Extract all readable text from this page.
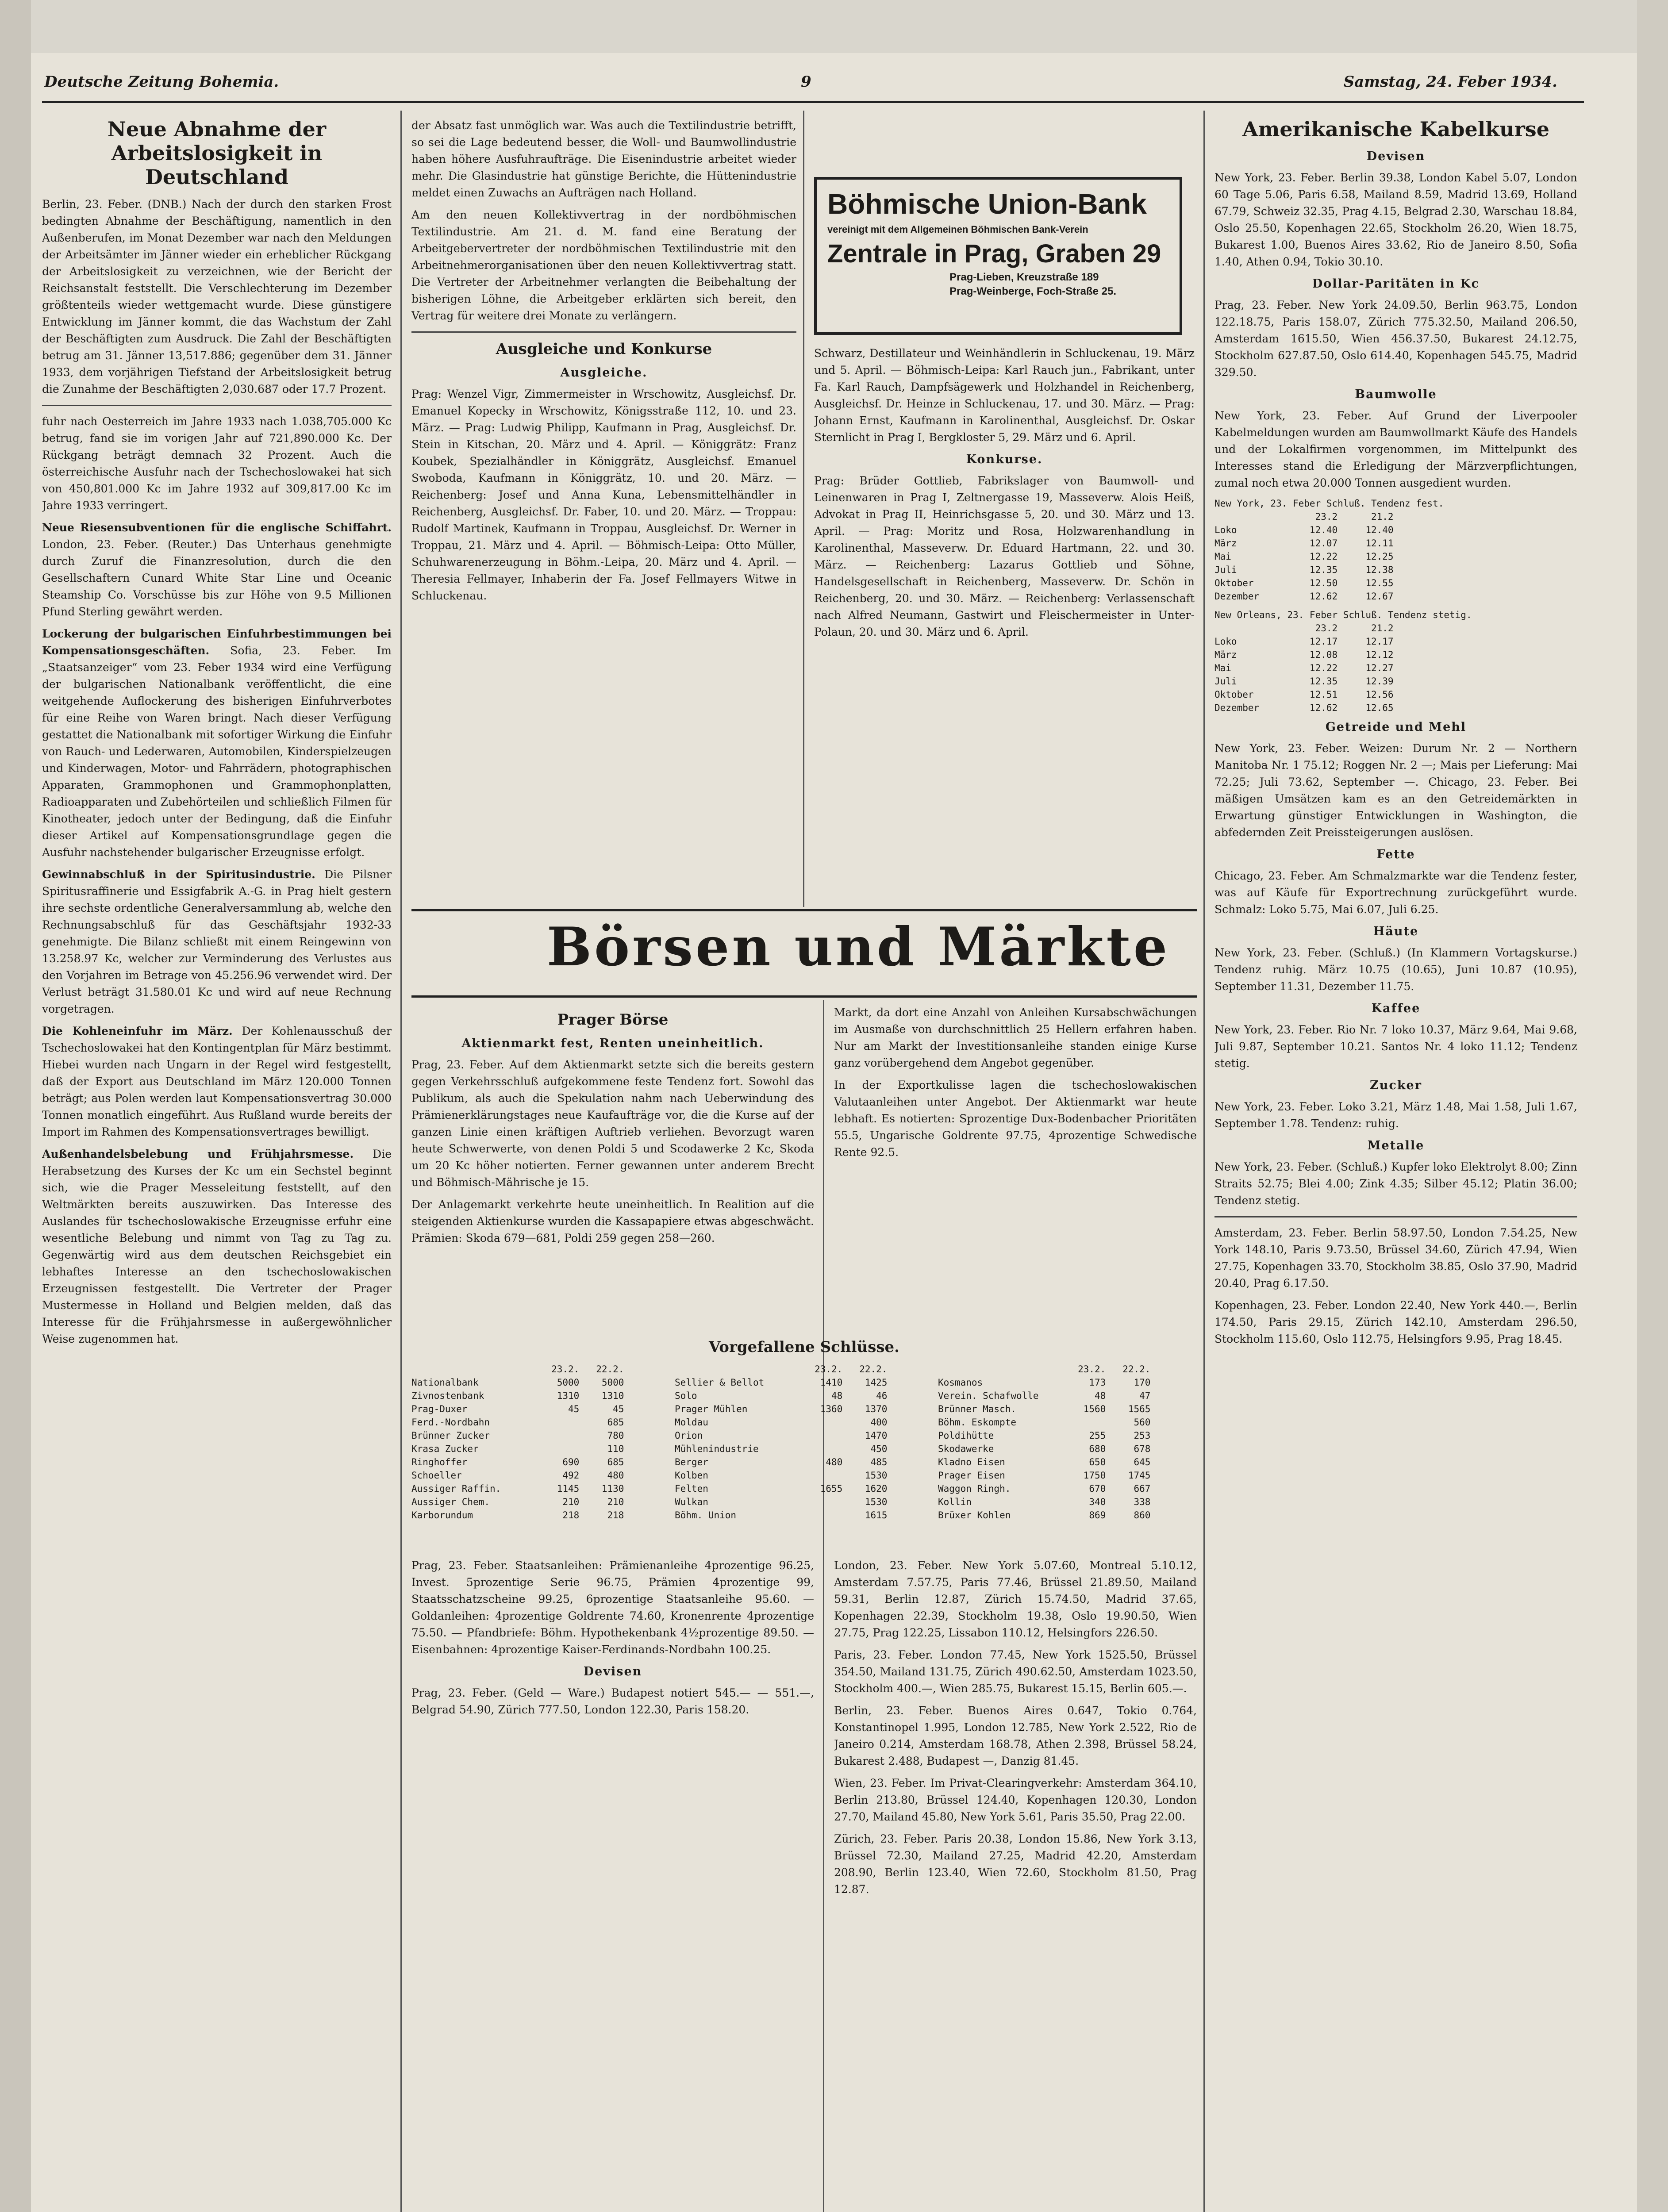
Deutsche Zeitung Bohemia.	9	Samstag, 24. Feber 1934.
Neue Abnahme der Arbeitslosigkeit in Deutschland

Berlin, 23. Feber. (DNB.) Nach der durch den starken Frost bedingten Abnahme der Beschäftigung, namentlich in den Außenberufen, im Monat Dezember war nach den Meldungen der Arbeitsämter im Jänner wieder ein erheblicher Rückgang der Arbeitslosigkeit zu verzeichnen, wie der Bericht der Reichsanstalt feststellt. Die Verschlechterung im Dezember größtenteils wieder wettgemacht wurde. Diese günstigere Entwicklung im Jänner kommt, die das Wachstum der Zahl der Beschäftigten zum Ausdruck. Die Zahl der Beschäftigten betrug am 31. Jänner 13,517.886; gegenüber dem 31. Jänner 1933, dem vorjährigen Tiefstand der Arbeitslosigkeit betrug die Zunahme der Beschäftigten 2,030.687 oder 17.7 Prozent.

fuhr nach Oesterreich im Jahre 1933 nach 1.038,705.000 Kc betrug, fand sie im vorigen Jahr auf 721,890.000 Kc. Der Rückgang beträgt demnach 32 Prozent. Auch die österreichische Ausfuhr nach der Tschechoslowakei hat sich von 450,801.000 Kc im Jahre 1932 auf 309,817.00 Kc im Jahre 1933 verringert.

Neue Riesensubventionen für die englische Schiffahrt. London, 23. Feber. (Reuter.) Das Unterhaus genehmigte durch Zuruf die Finanzresolution, durch die den Gesellschaftern Cunard White Star Line und Oceanic Steamship Co. Vorschüsse bis zur Höhe von 9.5 Millionen Pfund Sterling gewährt werden.

Lockerung der bulgarischen Einfuhrbestimmungen bei Kompensationsgeschäften. Sofia, 23. Feber. Im „Staatsanzeiger“ vom 23. Feber 1934 wird eine Verfügung der bulgarischen Nationalbank veröffentlicht, die eine weitgehende Auflockerung des bisherigen Einfuhrverbotes für eine Reihe von Waren bringt. Nach dieser Verfügung gestattet die Nationalbank mit sofortiger Wirkung die Einfuhr von Rauch- und Lederwaren, Automobilen, Kinderspielzeugen und Kinderwagen, Motor- und Fahrrädern, photographischen Apparaten, Grammophonen und Grammophonplatten, Radioapparaten und Zubehörteilen und schließlich Filmen für Kinotheater, jedoch unter der Bedingung, daß die Einfuhr dieser Artikel auf Kompensationsgrundlage gegen die Ausfuhr nachstehender bulgarischer Erzeugnisse erfolgt.

Gewinnabschluß in der Spiritusindustrie. Die Pilsner Spiritusraffinerie und Essigfabrik A.-G. in Prag hielt gestern ihre sechste ordentliche Generalversammlung ab, welche den Rechnungsabschluß für das Geschäftsjahr 1932-33 genehmigte. Die Bilanz schließt mit einem Reingewinn von 13.258.97 Kc, welcher zur Verminderung des Verlustes aus den Vorjahren im Betrage von 45.256.96 verwendet wird. Der Verlust beträgt 31.580.01 Kc und wird auf neue Rechnung vorgetragen.

Die Kohleneinfuhr im März. Der Kohlenausschuß der Tschechoslowakei hat den Kontingentplan für März bestimmt. Hiebei wurden nach Ungarn in der Regel wird festgestellt, daß der Export aus Deutschland im März 120.000 Tonnen beträgt; aus Polen werden laut Kompensationsvertrag 30.000 Tonnen monatlich eingeführt. Aus Rußland wurde bereits der Import im Rahmen des Kompensationsvertrages bewilligt.

Außenhandelsbelebung und Frühjahrsmesse. Die Herabsetzung des Kurses der Kc um ein Sechstel beginnt sich, wie die Prager Messeleitung feststellt, auf den Weltmärkten bereits auszuwirken. Das Interesse des Auslandes für tschechoslowakische Erzeugnisse erfuhr eine wesentliche Belebung und nimmt von Tag zu Tag zu. Gegenwärtig wird aus dem deutschen Reichsgebiet ein lebhaftes Interesse an den tschechoslowakischen Erzeugnissen festgestellt. Die Vertreter der Prager Mustermesse in Holland und Belgien melden, daß das Interesse für die Frühjahrsmesse in außergewöhnlicher Weise zugenommen hat.

der Absatz fast unmöglich war. Was auch die Textilindustrie betrifft, so sei die Lage bedeutend besser, die Woll- und Baumwollindustrie haben höhere Ausfuhraufträge. Die Eisenindustrie arbeitet wieder mehr. Die Glasindustrie hat günstige Berichte, die Hüttenindustrie meldet einen Zuwachs an Aufträgen nach Holland.

Am den neuen Kollektivvertrag in der nordböhmischen Textilindustrie. Am 21. d. M. fand eine Beratung der Arbeitgebervertreter der nordböhmischen Textilindustrie mit den Arbeitnehmerorganisationen über den neuen Kollektivvertrag statt. Die Vertreter der Arbeitnehmer verlangten die Beibehaltung der bisherigen Löhne, die Arbeitgeber erklärten sich bereit, den Vertrag für weitere drei Monate zu verlängern.

Ausgleiche und Konkurse
Ausgleiche.

Prag: Wenzel Vigr, Zimmermeister in Wrschowitz, Ausgleichsf. Dr. Emanuel Kopecky in Wrschowitz, Königsstraße 112, 10. und 23. März. — Prag: Ludwig Philipp, Kaufmann in Prag, Ausgleichsf. Dr. Stein in Kitschan, 20. März und 4. April. — Königgrätz: Franz Koubek, Spezialhändler in Königgrätz, Ausgleichsf. Emanuel Swoboda, Kaufmann in Königgrätz, 10. und 20. März. — Reichenberg: Josef und Anna Kuna, Lebensmittelhändler in Reichenberg, Ausgleichsf. Dr. Faber, 10. und 20. März. — Troppau: Rudolf Martinek, Kaufmann in Troppau, Ausgleichsf. Dr. Werner in Troppau, 21. März und 4. April. — Böhmisch-Leipa: Otto Müller, Schuhwarenerzeugung in Böhm.-Leipa, 20. März und 4. April. — Theresia Fellmayer, Inhaberin der Fa. Josef Fellmayers Witwe in Schluckenau.

Böhmische Union-Bank
vereinigt mit dem Allgemeinen Böhmischen Bank-Verein
Zentrale in Prag, Graben 29
Prag-Lieben, Kreuzstraße 189
Prag-Weinberge, Foch-Straße 25.

Schwarz, Destillateur und Weinhändlerin in Schluckenau, 19. März und 5. April. — Böhmisch-Leipa: Karl Rauch jun., Fabrikant, unter Fa. Karl Rauch, Dampfsägewerk und Holzhandel in Reichenberg, Ausgleichsf. Dr. Heinze in Schluckenau, 17. und 30. März. — Prag: Johann Ernst, Kaufmann in Karolinenthal, Ausgleichsf. Dr. Oskar Sternlicht in Prag I, Bergkloster 5, 29. März und 6. April.

Konkurse.

Prag: Brüder Gottlieb, Fabrikslager von Baumwoll- und Leinenwaren in Prag I, Zeltnergasse 19, Masseverw. Alois Heiß, Advokat in Prag II, Heinrichsgasse 5, 20. und 30. März und 13. April. — Prag: Moritz und Rosa, Holzwarenhandlung in Karolinenthal, Masseverw. Dr. Eduard Hartmann, 22. und 30. März. — Reichenberg: Lazarus Gottlieb und Söhne, Handelsgesellschaft in Reichenberg, Masseverw. Dr. Schön in Reichenberg, 20. und 30. März. — Reichenberg: Verlassenschaft nach Alfred Neumann, Gastwirt und Fleischermeister in Unter-Polaun, 20. und 30. März und 6. April.

Amerikanische Kabelkurse
Devisen

New York, 23. Feber. Berlin 39.38, London Kabel 5.07, London 60 Tage 5.06, Paris 6.58, Mailand 8.59, Madrid 13.69, Holland 67.79, Schweiz 32.35, Prag 4.15, Belgrad 2.30, Warschau 18.84, Oslo 25.50, Kopenhagen 22.65, Stockholm 26.20, Wien 18.75, Bukarest 1.00, Buenos Aires 33.62, Rio de Janeiro 8.50, Sofia 1.40, Athen 0.94, Tokio 30.10.

Dollar-Paritäten in Kc

Prag, 23. Feber. New York 24.09.50, Berlin 963.75, London 122.18.75, Paris 158.07, Zürich 775.32.50, Mailand 206.50, Amsterdam 1615.50, Wien 456.37.50, Bukarest 24.12.75, Stockholm 627.87.50, Oslo 614.40, Kopenhagen 545.75, Madrid 329.50.

Baumwolle

New York, 23. Feber. Auf Grund der Liverpooler Kabelmeldungen wurden am Baumwollmarkt Käufe des Handels und der Lokalfirmen vorgenommen, im Mittelpunkt des Interesses stand die Erledigung der Märzverpflichtungen, zumal noch etwa 20.000 Tonnen ausgedient wurden.

New York, 23. Feber Schluß. Tendenz fest.
23.2      21.2
Loko             12.40     12.40
März             12.07     12.11
Mai              12.22     12.25
Juli             12.35     12.38
Oktober          12.50     12.55
Dezember         12.62     12.67
New Orleans, 23. Feber Schluß. Tendenz stetig.
23.2      21.2
Loko             12.17     12.17
März             12.08     12.12
Mai              12.22     12.27
Juli             12.35     12.39
Oktober          12.51     12.56
Dezember         12.62     12.65
Getreide und Mehl

New York, 23. Feber. Weizen: Durum Nr. 2 — Northern Manitoba Nr. 1 75.12; Roggen Nr. 2 —; Mais per Lieferung: Mai 72.25; Juli 73.62, September —. Chicago, 23. Feber. Bei mäßigen Umsätzen kam es an den Getreidemärkten in Erwartung günstiger Entwicklungen in Washington, die abfedernden Zeit Preissteigerungen auslösen.

Fette

Chicago, 23. Feber. Am Schmalzmarkte war die Tendenz fester, was auf Käufe für Exportrechnung zurückgeführt wurde. Schmalz: Loko 5.75, Mai 6.07, Juli 6.25.

Häute

New York, 23. Feber. (Schluß.) (In Klammern Vortagskurse.) Tendenz ruhig. März 10.75 (10.65), Juni 10.87 (10.95), September 11.31, Dezember 11.75.

Kaffee

New York, 23. Feber. Rio Nr. 7 loko 10.37, März 9.64, Mai 9.68, Juli 9.87, September 10.21. Santos Nr. 4 loko 11.12; Tendenz stetig.

Zucker

New York, 23. Feber. Loko 3.21, März 1.48, Mai 1.58, Juli 1.67, September 1.78. Tendenz: ruhig.

Metalle

New York, 23. Feber. (Schluß.) Kupfer loko Elektrolyt 8.00; Zinn Straits 52.75; Blei 4.00; Zink 4.35; Silber 45.12; Platin 36.00; Tendenz stetig.

Amsterdam, 23. Feber. Berlin 58.97.50, London 7.54.25, New York 148.10, Paris 9.73.50, Brüssel 34.60, Zürich 47.94, Wien 27.75, Kopenhagen 33.70, Stockholm 38.85, Oslo 37.90, Madrid 20.40, Prag 6.17.50.

Kopenhagen, 23. Feber. London 22.40, New York 440.—, Berlin 174.50, Paris 29.15, Zürich 142.10, Amsterdam 296.50, Stockholm 115.60, Oslo 112.75, Helsingfors 9.95, Prag 18.45.

Börsen und Märkte
Prager Börse
Aktienmarkt fest, Renten uneinheitlich.

Prag, 23. Feber. Auf dem Aktienmarkt setzte sich die bereits gestern gegen Verkehrsschluß aufgekommene feste Tendenz fort. Sowohl das Publikum, als auch die Spekulation nahm nach Ueberwindung des Prämienerklärungstages neue Kaufaufträge vor, die die Kurse auf der ganzen Linie einen kräftigen Auftrieb verliehen. Bevorzugt waren heute Schwerwerte, von denen Poldi 5 und Scodawerke 2 Kc, Skoda um 20 Kc höher notierten. Ferner gewannen unter anderem Brecht und Böhmisch-Mährische je 15.

Der Anlagemarkt verkehrte heute uneinheitlich. In Realition auf die steigenden Aktienkurse wurden die Kassapapiere etwas abgeschwächt. Prämien: Skoda 679—681, Poldi 259 gegen 258—260.

Markt, da dort eine Anzahl von Anleihen Kursabschwächungen im Ausmaße von durchschnittlich 25 Hellern erfahren haben. Nur am Markt der Investitionsanleihe standen einige Kurse ganz vorübergehend dem Angebot gegenüber.

In der Exportkulisse lagen die tschechoslowakischen Valutaanleihen unter Angebot. Der Aktienmarkt war heute lebhaft. Es notierten: Sprozentige Dux-Bodenbacher Prioritäten 55.5, Ungarische Goldrente 97.75, 4prozentige Schwedische Rente 92.5.

Vorgefallene Schlüsse.
23.2.   22.2.
Nationalbank              5000    5000
Zivnostenbank             1310    1310
Prag-Duxer                  45      45
Ferd.-Nordbahn                     685
Brünner Zucker                     780
Krasa Zucker                       110
Ringhoffer                 690     685
Schoeller                  492     480
Aussiger Raffin.          1145    1130
Aussiger Chem.             210     210
Karborundum                218     218
23.2.   22.2.
Sellier & Bellot          1410    1425
Solo                        48      46
Prager Mühlen             1360    1370
Moldau                             400
Orion                             1470
Mühlenindustrie                    450
Berger                     480     485
Kolben                            1530
Felten                    1655    1620
Wulkan                            1530
Böhm. Union                       1615
23.2.   22.2.
Kosmanos                   173     170
Verein. Schafwolle          48      47
Brünner Masch.            1560    1565
Böhm. Eskompte                     560
Poldihütte                 255     253
Skodawerke                 680     678
Kladno Eisen               650     645
Prager Eisen              1750    1745
Waggon Ringh.              670     667
Kollin                     340     338
Brüxer Kohlen              869     860

Prag, 23. Feber. Staatsanleihen: Prämienanleihe 4prozentige 96.25, Invest. 5prozentige Serie 96.75, Prämien 4prozentige 99, Staatsschatzscheine 99.25, 6prozentige Staatsanleihe 95.60. — Goldanleihen: 4prozentige Goldrente 74.60, Kronenrente 4prozentige 75.50. — Pfandbriefe: Böhm. Hypothekenbank 4½prozentige 89.50. — Eisenbahnen: 4prozentige Kaiser-Ferdinands-Nordbahn 100.25.

Devisen

Prag, 23. Feber. (Geld — Ware.) Budapest notiert 545.— — 551.—, Belgrad 54.90, Zürich 777.50, London 122.30, Paris 158.20.

London, 23. Feber. New York 5.07.60, Montreal 5.10.12, Amsterdam 7.57.75, Paris 77.46, Brüssel 21.89.50, Mailand 59.31, Berlin 12.87, Zürich 15.74.50, Madrid 37.65, Kopenhagen 22.39, Stockholm 19.38, Oslo 19.90.50, Wien 27.75, Prag 122.25, Lissabon 110.12, Helsingfors 226.50.

Paris, 23. Feber. London 77.45, New York 1525.50, Brüssel 354.50, Mailand 131.75, Zürich 490.62.50, Amsterdam 1023.50, Stockholm 400.—, Wien 285.75, Bukarest 15.15, Berlin 605.—.

Berlin, 23. Feber. Buenos Aires 0.647, Tokio 0.764, Konstantinopel 1.995, London 12.785, New York 2.522, Rio de Janeiro 0.214, Amsterdam 168.78, Athen 2.398, Brüssel 58.24, Bukarest 2.488, Budapest —, Danzig 81.45.

Wien, 23. Feber. Im Privat-Clearingverkehr: Amsterdam 364.10, Berlin 213.80, Brüssel 124.40, Kopenhagen 120.30, London 27.70, Mailand 45.80, New York 5.61, Paris 35.50, Prag 22.00.

Zürich, 23. Feber. Paris 20.38, London 15.86, New York 3.13, Brüssel 72.30, Mailand 27.25, Madrid 42.20, Amsterdam 208.90, Berlin 123.40, Wien 72.60, Stockholm 81.50, Prag 12.87.
